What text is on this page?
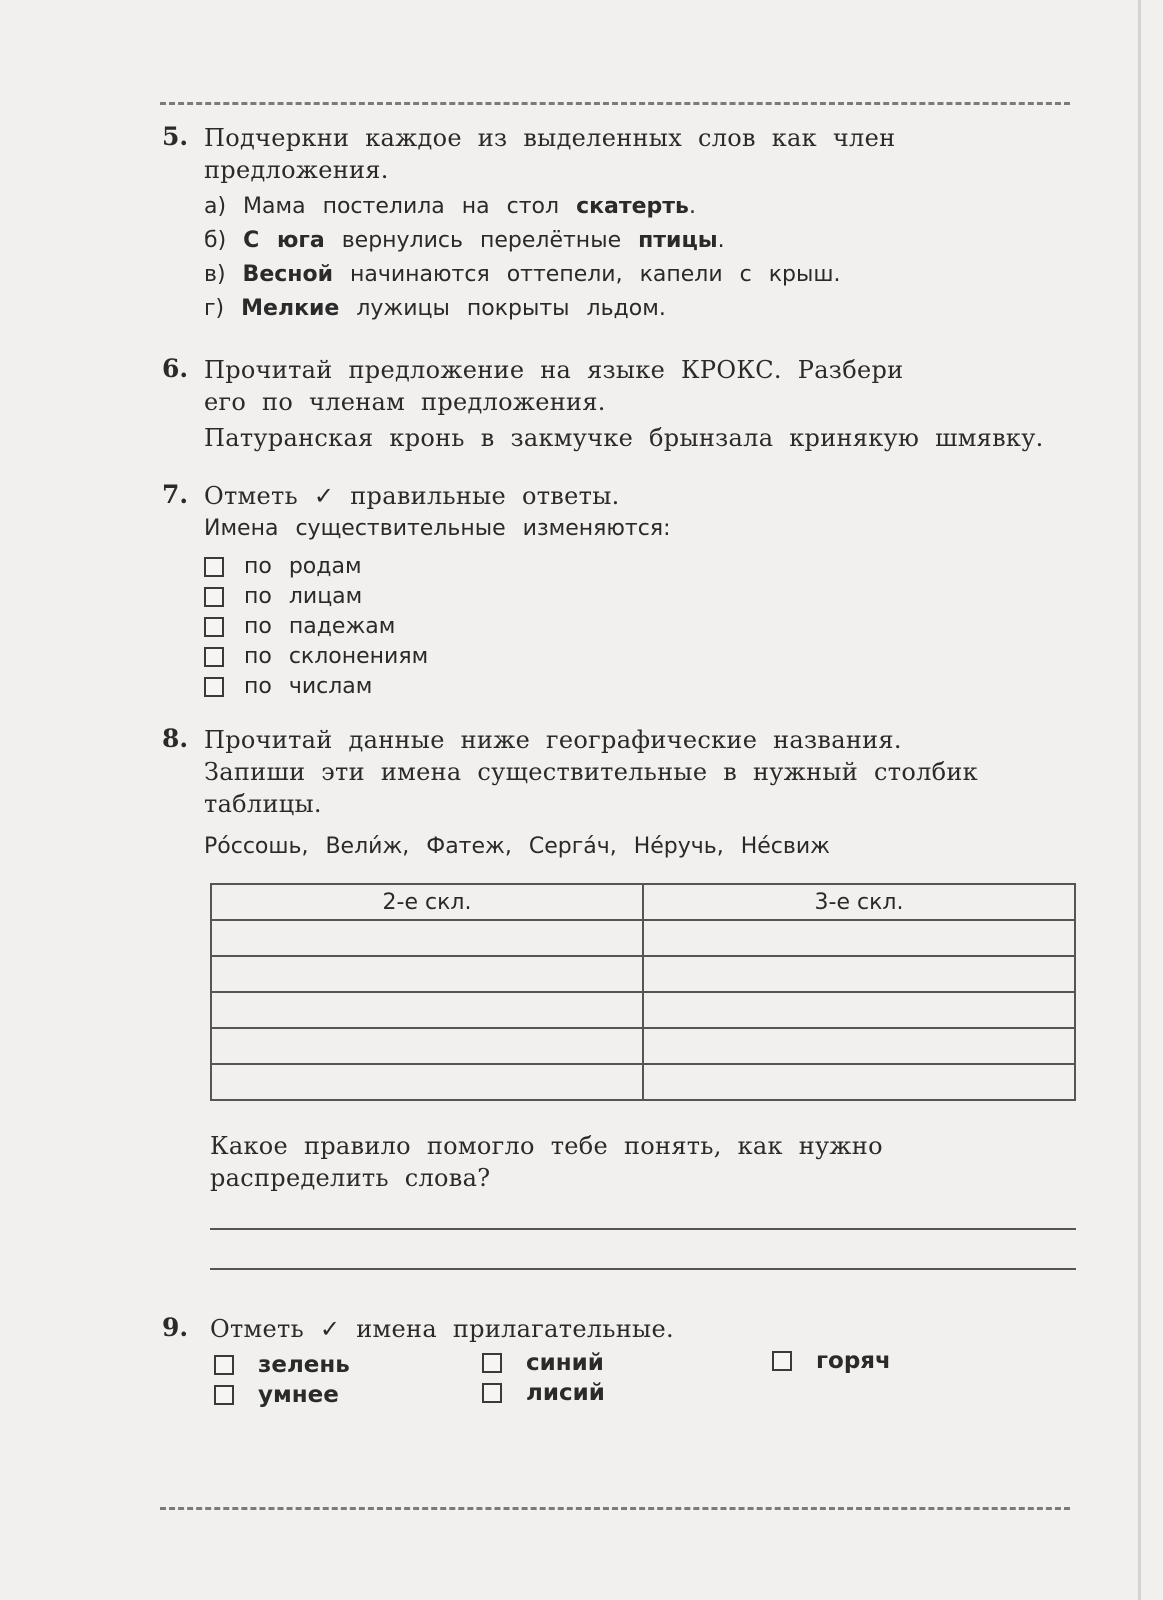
5. Подчеркни каждое из выделенных слов как член
предложения.
а) Мама постелила на стол скатерть.
б) С юга вернулись перелётные птицы.
в) Весной начинаются оттепели, капели с крыш.
г) Мелкие лужицы покрыты льдом.
6. Прочитай предложение на языке КРОКС. Разбери
его по членам предложения.
Патуранская кронь в закмучке брынзала кринякую шмявку.
7. Отметь ✓ правильные ответы.
Имена существительные изменяются:
по родам
по лицам
по падежам
по склонениям
по числам
8. Прочитай данные ниже географические названия.
Запиши эти имена существительные в нужный столбик
таблицы.
Ро́ссошь, Вели́ж, Фатеж, Серга́ч, Не́ручь, Не́свиж
2-е скл.	3-е скл.

Какое правило помогло тебе понять, как нужно
распределить слова?
9. Отметь ✓ имена прилагательные.
зелень	синий	горяч
умнее	лисий
